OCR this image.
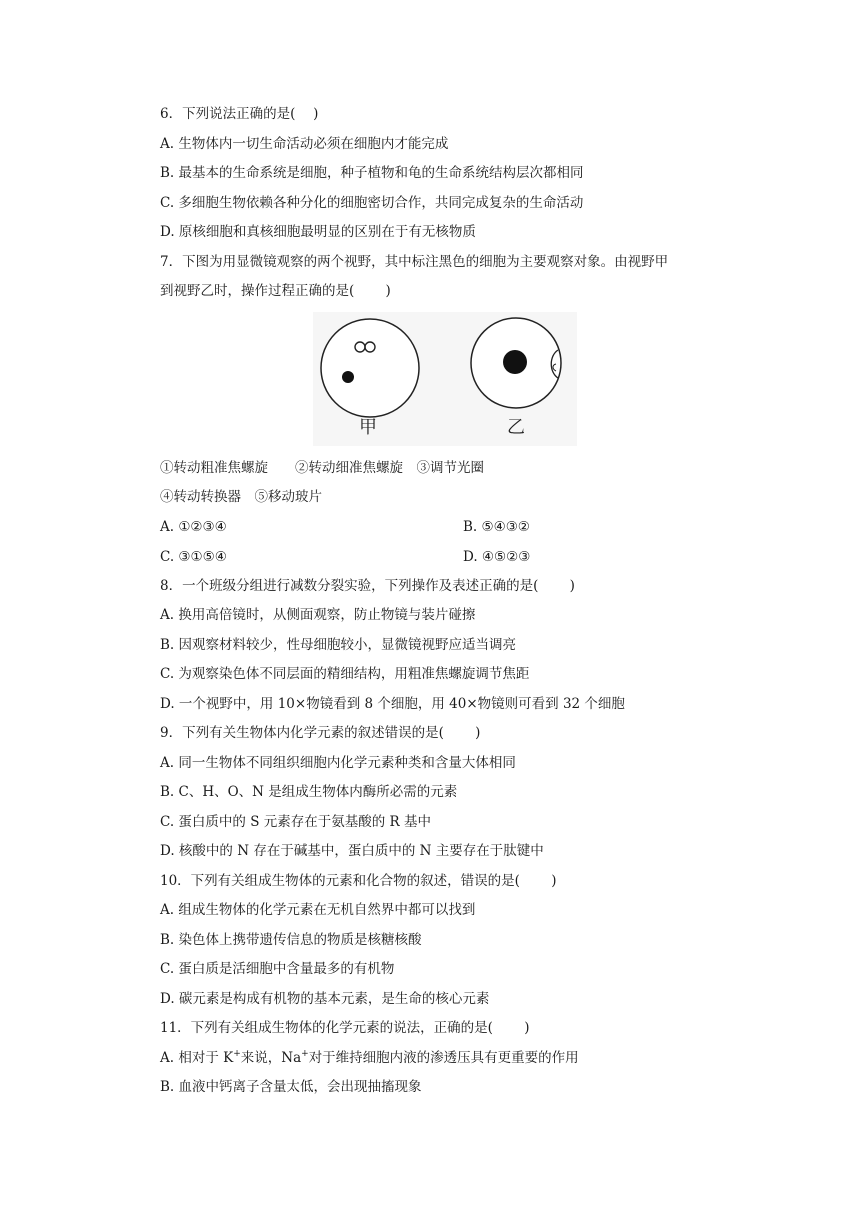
6．下列说法正确的是(　 )
A. 生物体内一切生命活动必须在细胞内才能完成
B. 最基本的生命系统是细胞，种子植物和龟的生命系统结构层次都相同
C. 多细胞生物依赖各种分化的细胞密切合作，共同完成复杂的生命活动
D. 原核细胞和真核细胞最明显的区别在于有无核物质
7．下图为用显微镜观察的两个视野，其中标注黑色的细胞为主要观察对象。由视野甲
到视野乙时，操作过程正确的是(　　 )
甲	乙
①转动粗准焦螺旋　　②转动细准焦螺旋　③调节光圈
④转动转换器　⑤移动玻片
A. ①②③④	B. ⑤④③②
C. ③①⑤④	D. ④⑤②③
8．一个班级分组进行减数分裂实验，下列操作及表述正确的是(　　 )
A. 换用高倍镜时，从侧面观察，防止物镜与装片碰擦
B. 因观察材料较少，性母细胞较小，显微镜视野应适当调亮
C. 为观察染色体不同层面的精细结构，用粗准焦螺旋调节焦距
D. 一个视野中，用 10×物镜看到 8 个细胞，用 40×物镜则可看到 32 个细胞
9．下列有关生物体内化学元素的叙述错误的是(　　 )
A. 同一生物体不同组织细胞内化学元素种类和含量大体相同
B. C、H、O、N 是组成生物体内酶所必需的元素
C. 蛋白质中的 S 元素存在于氨基酸的 R 基中
D. 核酸中的 N 存在于碱基中，蛋白质中的 N 主要存在于肽键中
10．下列有关组成生物体的元素和化合物的叙述，错误的是(　　 )
A. 组成生物体的化学元素在无机自然界中都可以找到
B. 染色体上携带遗传信息的物质是核糖核酸
C. 蛋白质是活细胞中含量最多的有机物
D. 碳元素是构成有机物的基本元素，是生命的核心元素
11．下列有关组成生物体的化学元素的说法，正确的是(　　 )
A. 相对于 K+来说，Na+对于维持细胞内液的渗透压具有更重要的作用
B. 血液中钙离子含量太低，会出现抽搐现象
